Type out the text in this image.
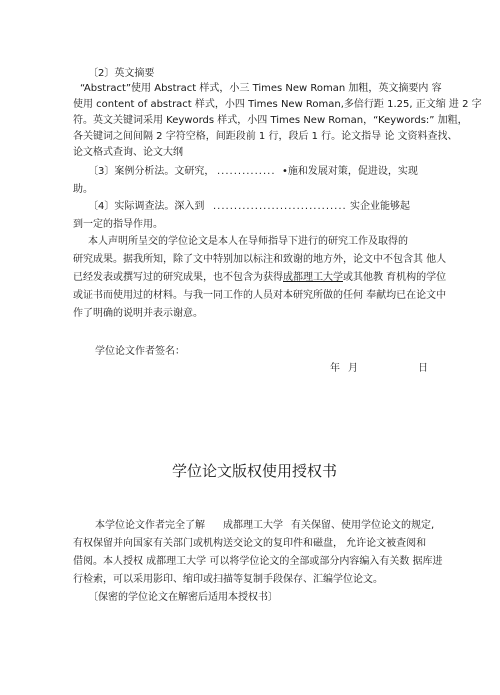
〔2〕英文摘要
“Abstract”使用 Abstract 样式，小三 Times New Roman 加粗，英文摘要内 容
使用 content of abstract 样式，小四 Times New Roman,多倍行距 1.25, 正文缩 进 2 字
符。英文关键词采用 Keywords 样式，小四 Times New Roman，“Keywords:” 加粗，
各关键词之间间隔 2 字符空格，间距段前 1 行，段后 1 行。论文指导 论 文资料查找、
论文格式查询、论文大纲
〔3〕案例分析法。文研究， .............. •施和发展对策，促进设，实现
助。
〔4〕实际调查法。深入到 ................................ 实企业能够起
到一定的指导作用。
本人声明所呈交的学位论文是本人在导师指导下进行的研究工作及取得的
研究成果。据我所知，除了文中特别加以标注和致谢的地方外，论文中不包含其 他人
已经发表或撰写过的研究成果，也不包含为获得成都理工大学或其他教 育机构的学位
或证书而使用过的材料。与我一同工作的人员对本研究所做的任何 奉献均已在论文中
作了明确的说明并表示谢意。
学位论文作者签名：
年 月	日
学位论文版权使用授权书
本学位论文作者完全了解 成都理工大学 有关保留、使用学位论文的规定,
有权保留并向国家有关部门或机构送交论文的复印件和磁盘， 允许论文被查阅和
借阅。本人授权 成都理工大学 可以将学位论文的全部或部分内容编入有关数 据库进
行检索，可以采用影印、缩印或扫描等复制手段保存、汇编学位论文。
〔保密的学位论文在解密后适用本授权书〕
